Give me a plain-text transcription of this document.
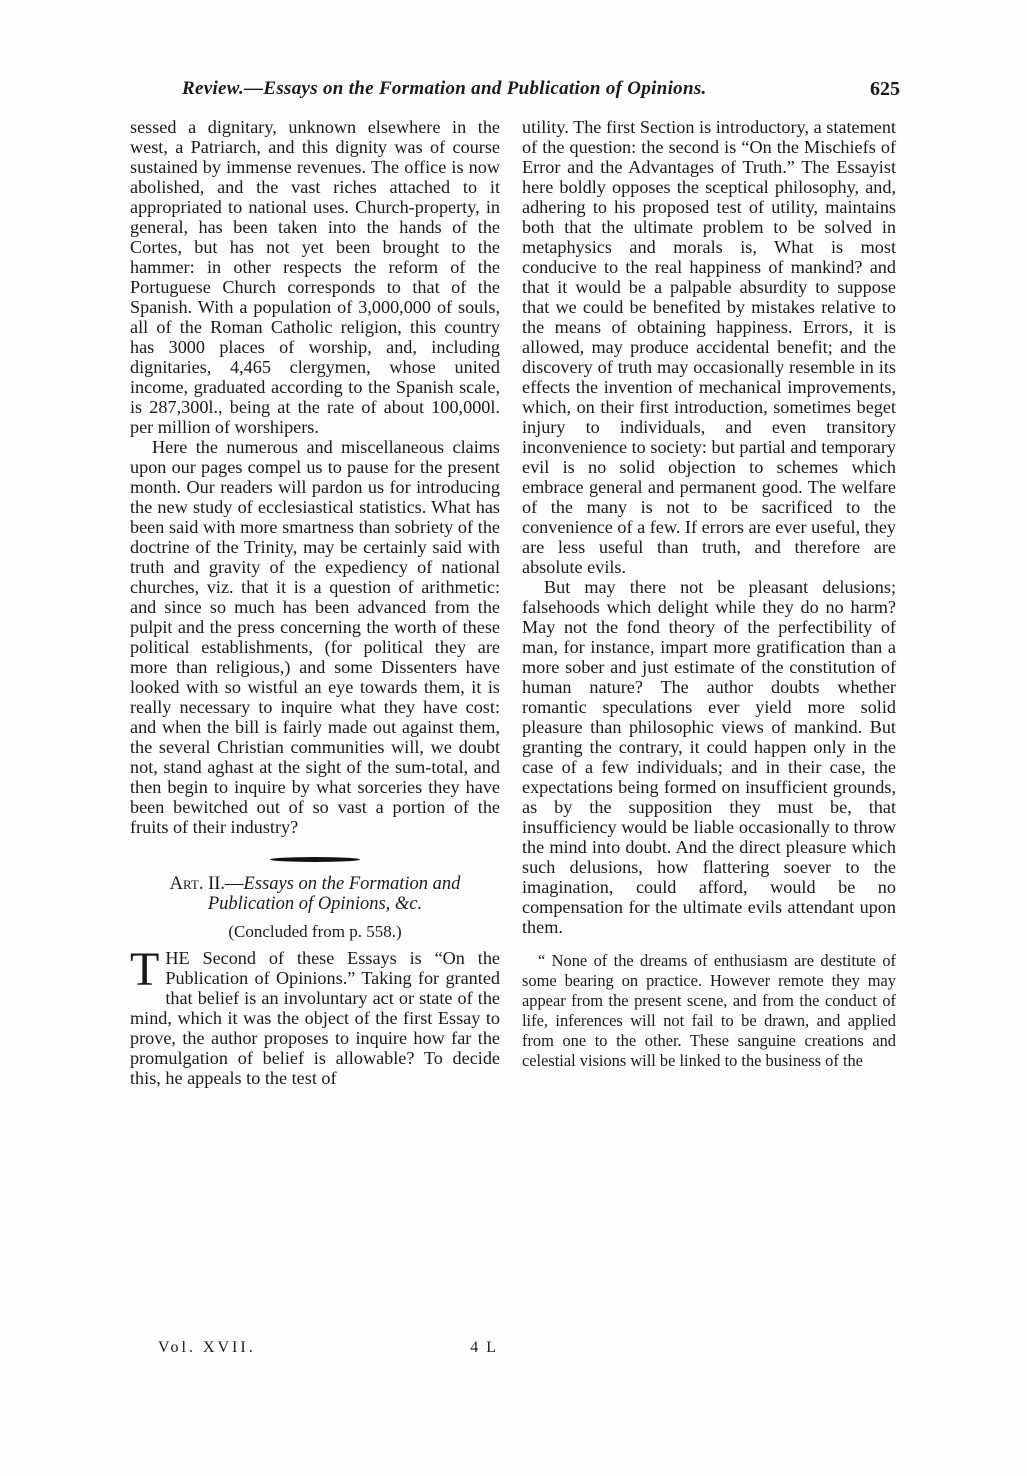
Review.—Essays on the Formation and Publication of Opinions.	625

sessed a dignitary, unknown elsewhere in the west, a Patriarch, and this dignity was of course sustained by immense revenues. The office is now abolished, and the vast riches attached to it appropriated to national uses. Church-property, in general, has been taken into the hands of the Cortes, but has not yet been brought to the hammer: in other respects the reform of the Portuguese Church corresponds to that of the Spanish. With a population of 3,000,000 of souls, all of the Roman Catholic religion, this country has 3000 places of worship, and, including dignitaries, 4,465 clergymen, whose united income, graduated according to the Spanish scale, is 287,300l., being at the rate of about 100,000l. per million of worshipers.

Here the numerous and miscellaneous claims upon our pages compel us to pause for the present month. Our readers will pardon us for introducing the new study of ecclesiastical statistics. What has been said with more smartness than sobriety of the doctrine of the Trinity, may be certainly said with truth and gravity of the expediency of national churches, viz. that it is a question of arithmetic: and since so much has been advanced from the pulpit and the press concerning the worth of these political establishments, (for political they are more than religious,) and some Dissenters have looked with so wistful an eye towards them, it is really necessary to inquire what they have cost: and when the bill is fairly made out against them, the several Christian communities will, we doubt not, stand aghast at the sight of the sum-total, and then begin to inquire by what sorceries they have been bewitched out of so vast a portion of the fruits of their industry?

Art. II.—Essays on the Formation and Publication of Opinions, &c.

(Concluded from p. 558.)

THE Second of these Essays is “On the Publication of Opinions.” Taking for granted that belief is an involuntary act or state of the mind, which it was the object of the first Essay to prove, the author proposes to inquire how far the promulgation of belief is allowable? To decide this, he appeals to the test of

utility. The first Section is introductory, a statement of the question: the second is “On the Mischiefs of Error and the Advantages of Truth.” The Essayist here boldly opposes the sceptical philosophy, and, adhering to his proposed test of utility, maintains both that the ultimate problem to be solved in metaphysics and morals is, What is most conducive to the real happiness of mankind? and that it would be a palpable absurdity to suppose that we could be benefited by mistakes relative to the means of obtaining happiness. Errors, it is allowed, may produce accidental benefit; and the discovery of truth may occasionally resemble in its effects the invention of mechanical improvements, which, on their first introduction, sometimes beget injury to individuals, and even transitory inconvenience to society: but partial and temporary evil is no solid objection to schemes which embrace general and permanent good. The welfare of the many is not to be sacrificed to the convenience of a few. If errors are ever useful, they are less useful than truth, and therefore are absolute evils.

But may there not be pleasant delusions; falsehoods which delight while they do no harm? May not the fond theory of the perfectibility of man, for instance, impart more gratification than a more sober and just estimate of the constitution of human nature? The author doubts whether romantic speculations ever yield more solid pleasure than philosophic views of mankind. But granting the contrary, it could happen only in the case of a few individuals; and in their case, the expectations being formed on insufficient grounds, as by the supposition they must be, that insufficiency would be liable occasionally to throw the mind into doubt. And the direct pleasure which such delusions, how flattering soever to the imagination, could afford, would be no compensation for the ultimate evils attendant upon them.

“ None of the dreams of enthusiasm are destitute of some bearing on practice. However remote they may appear from the present scene, and from the conduct of life, inferences will not fail to be drawn, and applied from one to the other. These sanguine creations and celestial visions will be linked to the business of the

Vol. XVII.	4 L
